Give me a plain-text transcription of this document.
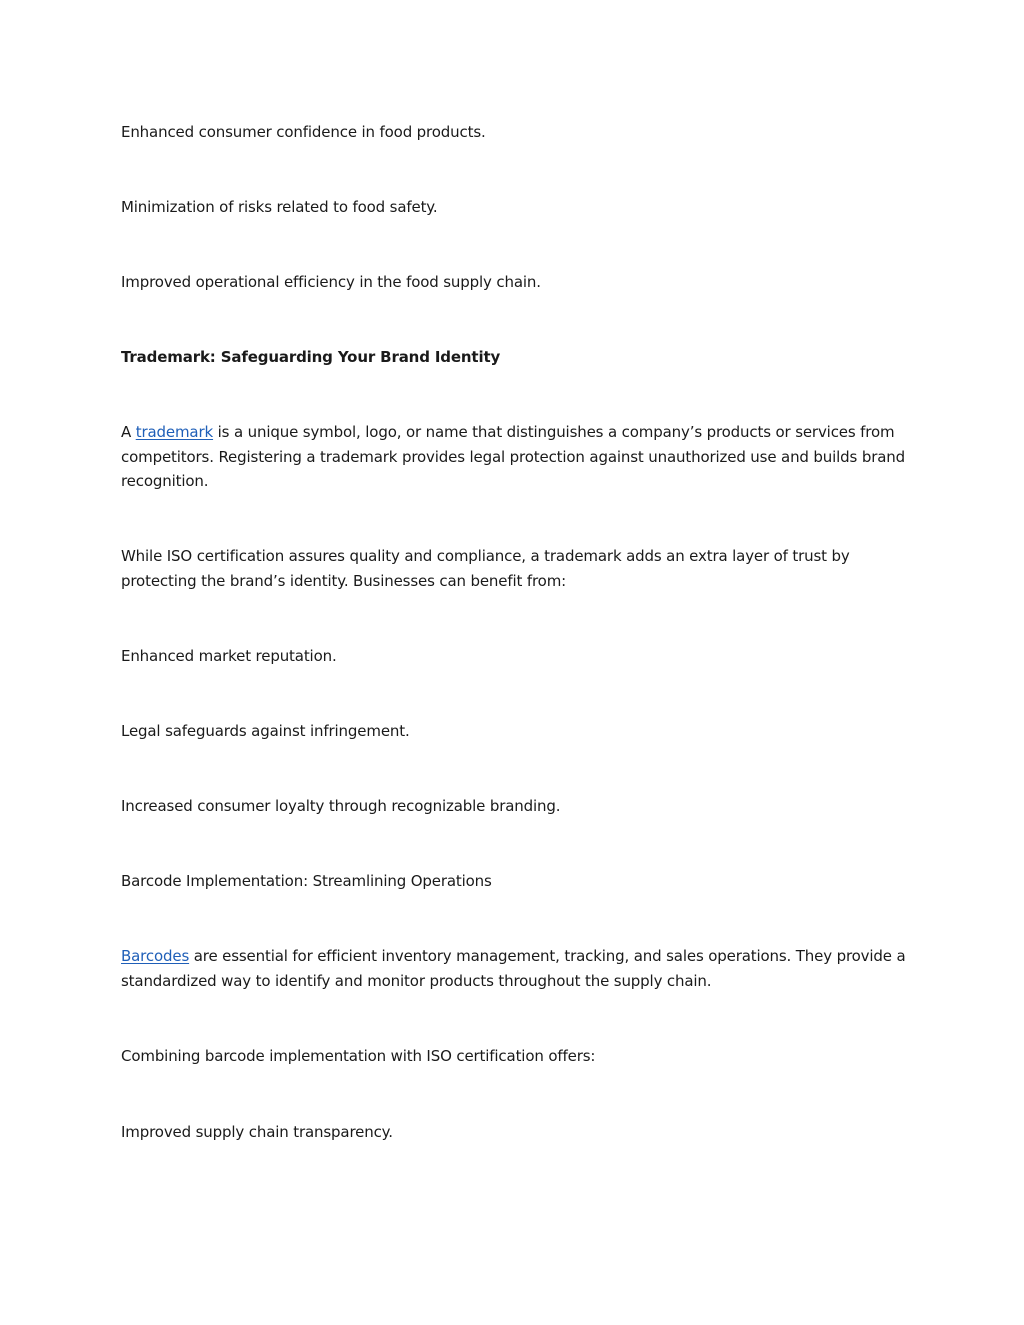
Enhanced consumer confidence in food products.

Minimization of risks related to food safety.

Improved operational efficiency in the food supply chain.

Trademark: Safeguarding Your Brand Identity

A trademark is a unique symbol, logo, or name that distinguishes a company’s products or services from competitors. Registering a trademark provides legal protection against unauthorized use and builds brand recognition.

While ISO certification assures quality and compliance, a trademark adds an extra layer of trust by protecting the brand’s identity. Businesses can benefit from:

Enhanced market reputation.

Legal safeguards against infringement.

Increased consumer loyalty through recognizable branding.

Barcode Implementation: Streamlining Operations

Barcodes are essential for efficient inventory management, tracking, and sales operations. They provide a standardized way to identify and monitor products throughout the supply chain.

Combining barcode implementation with ISO certification offers:

Improved supply chain transparency.
